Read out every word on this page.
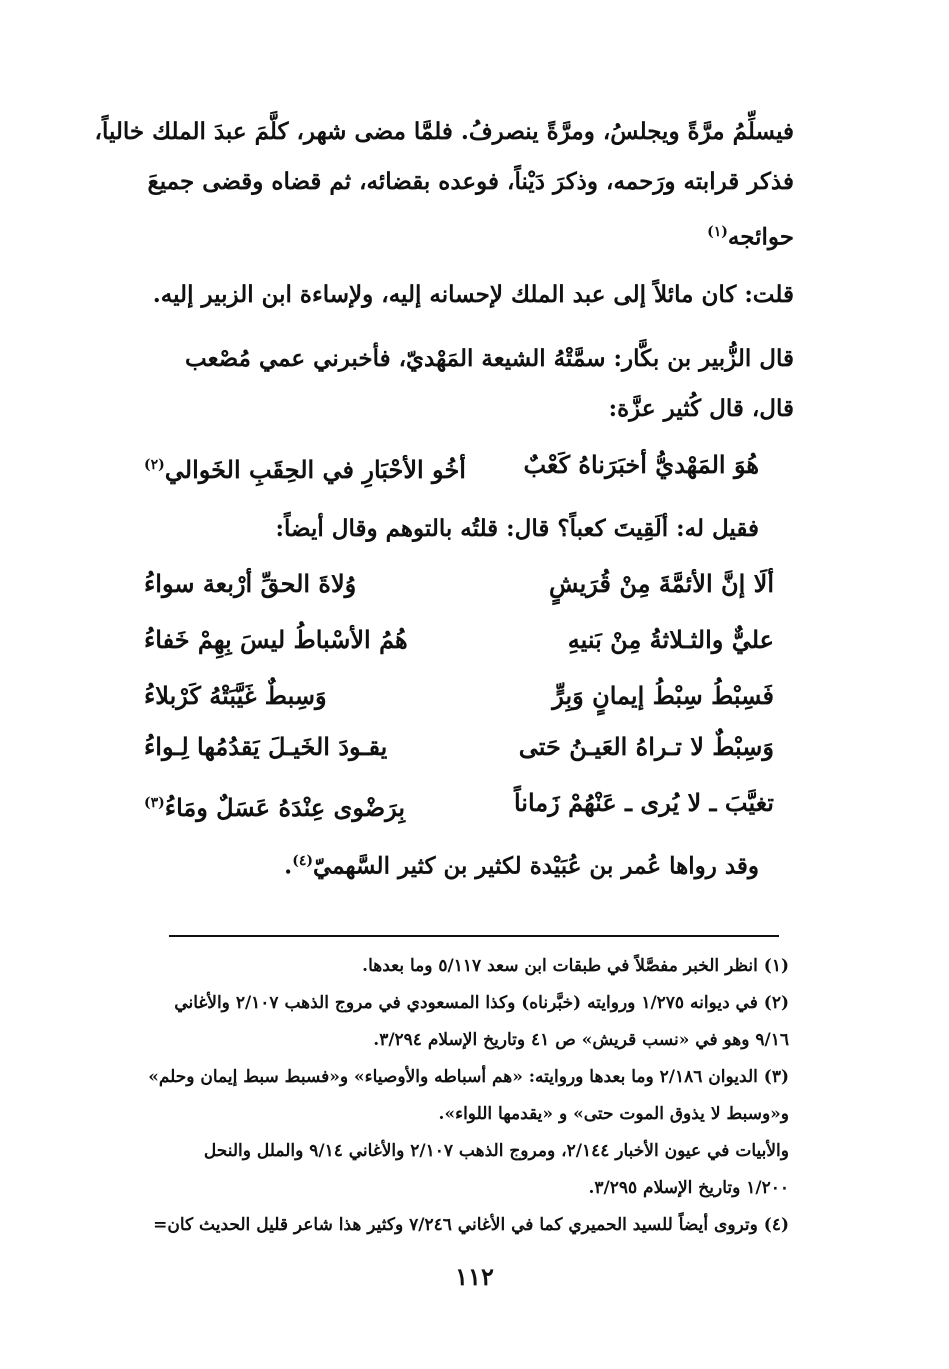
فيسلِّمُ مرَّةً ويجلسُ، ومرَّةً ينصرفُ. فلمَّا مضى شهر، كلَّمَ عبدَ الملك خالياً،
فذكر قرابته ورَحمه، وذكرَ دَيْناً، فوعده بقضائه، ثم قضاه وقضى جميعَ
حوائجه$^{(١)}$
قلت: كان مائلاً إلى عبد الملك لإحسانه إليه، ولإساءة ابن الزبير إليه.
قال الزُّبير بن بكَّار: سمَّتْهُ الشيعة المَهْديّ، فأخبرني عمي مُصْعب
قال، قال كُثير عزَّة:
هُوَ المَهْديُّ أخبَرَناهُ كَعْبٌ
أخُو الأحْبَارِ في الحِقَبِ الخَوالي$^{(٢)}$
فقيل له: ألَقِيتَ كعباً؟ قال: قلتُه بالتوهم وقال أيضاً:
ألَا إنَّ الأئمَّةَ مِنْ قُرَيشٍ
وُلاةَ الحقِّ أرْبعة سواءُ
عليٌّ والثـلاثةُ مِنْ بَنيهِ
هُمُ الأسْباطُ ليسَ بِهِمْ خَفاءُ
فَسِبْطُ سِبْطُ إيمانٍ وَبِرٍّ
وَسِبطٌ غَيَّبَتْهُ كَرْبلاءُ
وَسِبْطٌ لا تـراهُ العَيـنُ حَتى
يقـودَ الخَيـلَ يَقدُمُها لِـواءُ
تغيَّبَ ـ لا يُرى ـ عَنْهُمْ زَماناً
بِرَضْوى عِنْدَهُ عَسَلٌ ومَاءُ$^{(٣)}$
وقد رواها عُمر بن عُبَيْدة لكثير بن كثير السَّهميّ$^{(٤)}$.
(١) انظر الخبر مفصَّلاً في طبقات ابن سعد ٥/١١٧ وما بعدها.
(٢) في ديوانه ١/٢٧٥ وروايته (خبَّرناه) وكذا المسعودي في مروج الذهب ٢/١٠٧ والأغاني
٩/١٦ وهو في «نسب قريش» ص ٤١ وتاريخ الإسلام ٣/٢٩٤.
(٣) الديوان ٢/١٨٦ وما بعدها وروايته: «هم أسباطه والأوصياء» و«فسبط سبط إيمان وحلم»
و«وسبط لا يذوق الموت حتى» و «يقدمها اللواء».
والأبيات في عيون الأخبار ٢/١٤٤، ومروج الذهب ٢/١٠٧ والأغاني ٩/١٤ والملل والنحل
١/٢٠٠ وتاريخ الإسلام ٣/٢٩٥.
(٤) وتروى أيضاً للسيد الحميري كما في الأغاني ٧/٢٤٦ وكثير هذا شاعر قليل الحديث كان=
١١٢
